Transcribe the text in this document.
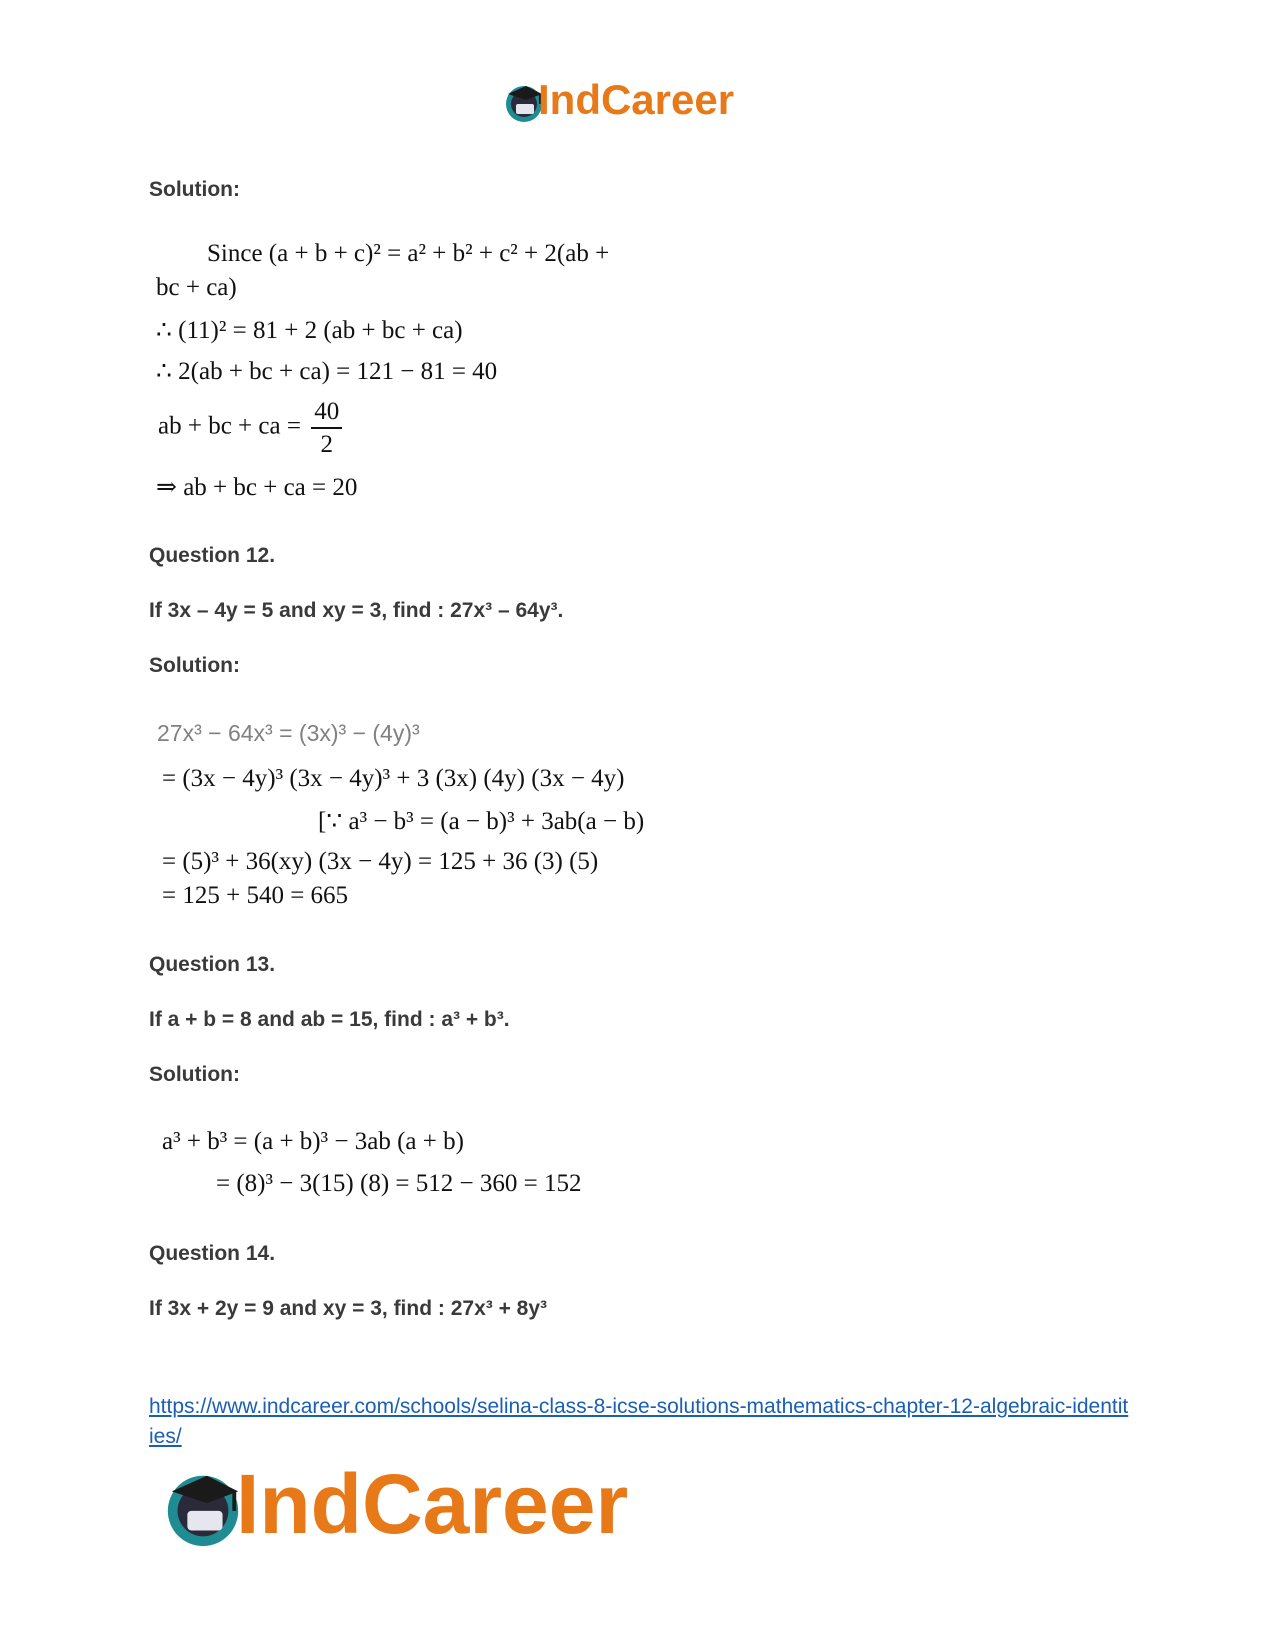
IndCareer
Solution:
Since (a + b + c)² = a² + b² + c² + 2(ab +
bc + ca)
∴ (11)² = 81 + 2 (ab + bc + ca)
∴ 2(ab + bc + ca) = 121 − 81 = 40
ab + bc + ca = $\frac{40}{2}$
⇒ ab + bc + ca = 20
Question 12.
If 3x – 4y = 5 and xy = 3, find : 27x³ – 64y³.
Solution:
27x³ − 64x³ = (3x)³ − (4y)³
= (3x − 4y)³ (3x − 4y)³ + 3 (3x) (4y) (3x − 4y)
[∵ a³ − b³ = (a − b)³ + 3ab(a − b)
= (5)³ + 36(xy) (3x − 4y) = 125 + 36 (3) (5)
= 125 + 540 = 665
Question 13.
If a + b = 8 and ab = 15, find : a³ + b³.
Solution:
a³ + b³ = (a + b)³ − 3ab (a + b)
= (8)³ − 3(15) (8) = 512 − 360 = 152
Question 14.
If 3x + 2y = 9 and xy = 3, find : 27x³ + 8y³
https://www.indcareer.com/schools/selina-class-8-icse-solutions-mathematics-chapter-12-algebraic-identities/
IndCareer
